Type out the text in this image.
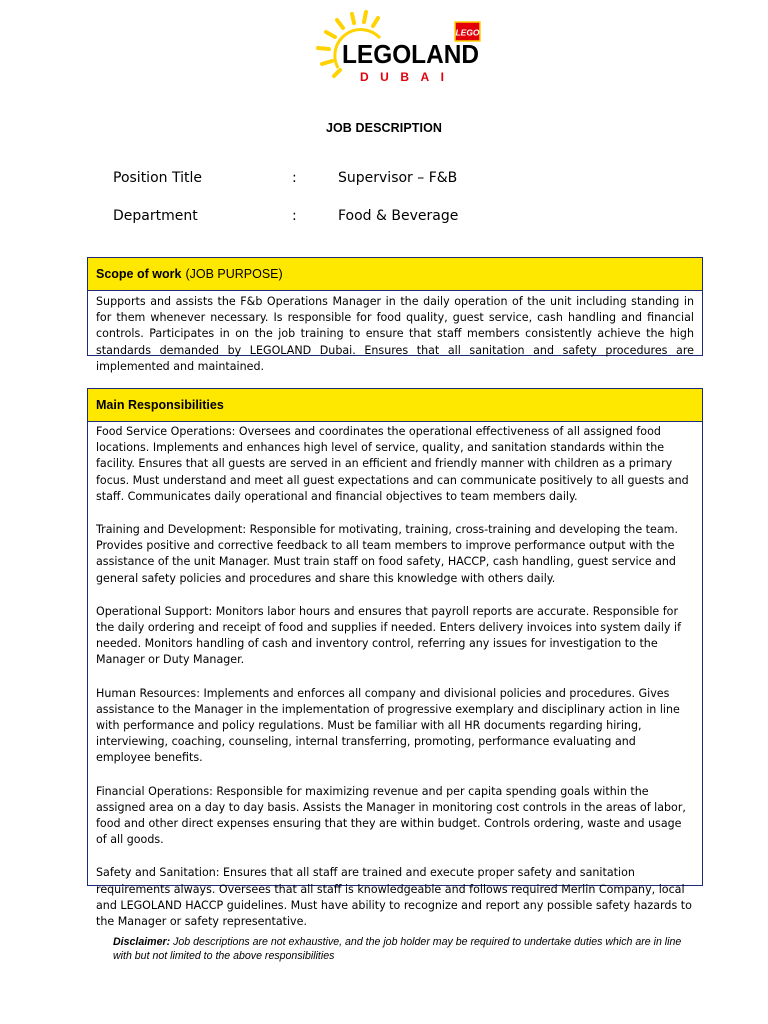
LEGO
LEGOLAND
DUBAI
JOB DESCRIPTION
Position Title	:	Supervisor – F&B
Department	:	Food & Beverage
Scope of work (JOB PURPOSE)
Supports and assists the F&b Operations Manager in the daily operation of the unit including standing in for them whenever necessary. Is responsible for food quality, guest service, cash handling and financial controls. Participates in on the job training to ensure that staff members consistently achieve the high standards demanded by LEGOLAND Dubai. Ensures that all sanitation and safety procedures are implemented and maintained.
Main Responsibilities

Food Service Operations: Oversees and coordinates the operational effectiveness of all assigned food locations. Implements and enhances high level of service, quality, and sanitation standards within the facility. Ensures that all guests are served in an efficient and friendly manner with children as a primary focus. Must understand and meet all guest expectations and can communicate positively to all guests and staff. Communicates daily operational and financial objectives to team members daily.

Training and Development: Responsible for motivating, training, cross-training and developing the team. Provides positive and corrective feedback to all team members to improve performance output with the assistance of the unit Manager. Must train staff on food safety, HACCP, cash handling, guest service and general safety policies and procedures and share this knowledge with others daily.

Operational Support: Monitors labor hours and ensures that payroll reports are accurate. Responsible for the daily ordering and receipt of food and supplies if needed. Enters delivery invoices into system daily if needed. Monitors handling of cash and inventory control, referring any issues for investigation to the Manager or Duty Manager.

Human Resources: Implements and enforces all company and divisional policies and procedures. Gives assistance to the Manager in the implementation of progressive exemplary and disciplinary action in line with performance and policy regulations. Must be familiar with all HR documents regarding hiring, interviewing, coaching, counseling, internal transferring, promoting, performance evaluating and employee benefits.

Financial Operations: Responsible for maximizing revenue and per capita spending goals within the assigned area on a day to day basis. Assists the Manager in monitoring cost controls in the areas of labor, food and other direct expenses ensuring that they are within budget. Controls ordering, waste and usage of all goods.

Safety and Sanitation: Ensures that all staff are trained and execute proper safety and sanitation requirements always. Oversees that all staff is knowledgeable and follows required Merlin Company, local and LEGOLAND HACCP guidelines. Must have ability to recognize and report any possible safety hazards to the Manager or safety representative.

Disclaimer: Job descriptions are not exhaustive, and the job holder may be required to undertake duties which are in line with but not limited to the above responsibilities
